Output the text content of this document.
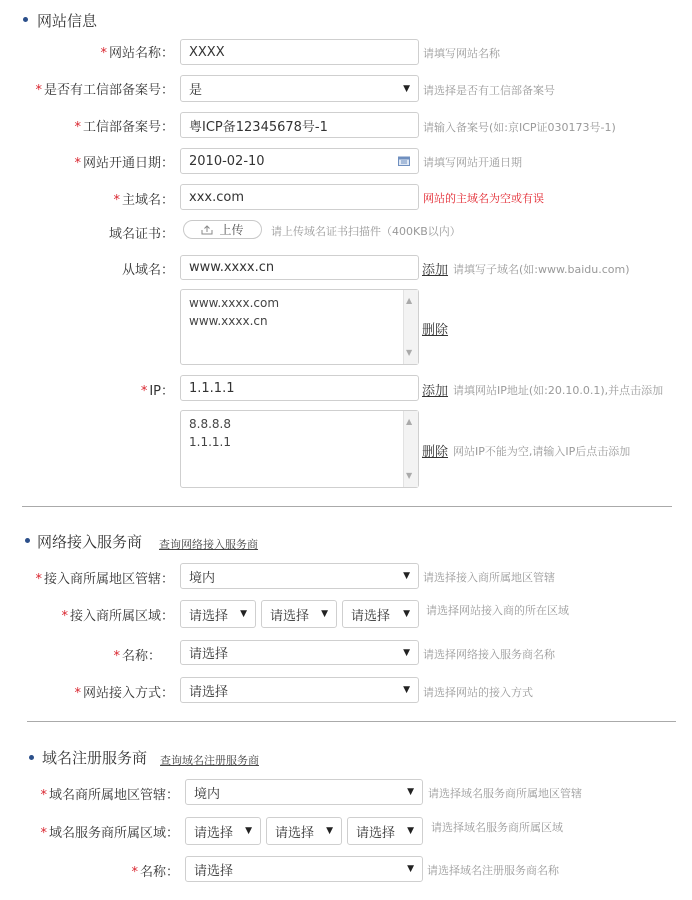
网站信息
* 网站名称： XXXX	请填写网站名称
* 是否有工信部备案号： 是	▼ 请选择是否有工信部备案号
* 工信部备案号： 粤ICP备12345678号-1	请输入备案号(如:京ICP证030173号-1)
* 网站开通日期： 2010-02-10	请填写网站开通日期
* 主域名： xxx.com	网站的主域名为空或有误
域名证书：	上传	请上传域名证书扫描件（400KB以内）
从域名： www.xxxx.cn	添加 请填写子域名(如:www.baidu.com)
www.xxxx.com
www.xxxx.cn
▲
▼
删除
* IP： 1.1.1.1	添加 请填网站IP地址(如:20.10.0.1),并点击添加
8.8.8.8
1.1.1.1
▲
▼
删除 网站IP不能为空,请输入IP后点击添加
网络接入服务商 查询网络接入服务商
* 接入商所属地区管辖： 境内	▼ 请选择接入商所属地区管辖
* 接入商所属区域： 请选择 ▼ 请选择 ▼ 请选择 ▼ 请选择网站接入商的所在区域
* 名称： 请选择	▼ 请选择网络接入服务商名称
* 网站接入方式： 请选择	▼ 请选择网站的接入方式
域名注册服务商 查询域名注册服务商
* 域名商所属地区管辖： 境内	▼ 请选择域名服务商所属地区管辖
* 域名服务商所属区域： 请选择 ▼ 请选择 ▼ 请选择 ▼ 请选择域名服务商所属区域
* 名称： 请选择	▼ 请选择域名注册服务商名称
